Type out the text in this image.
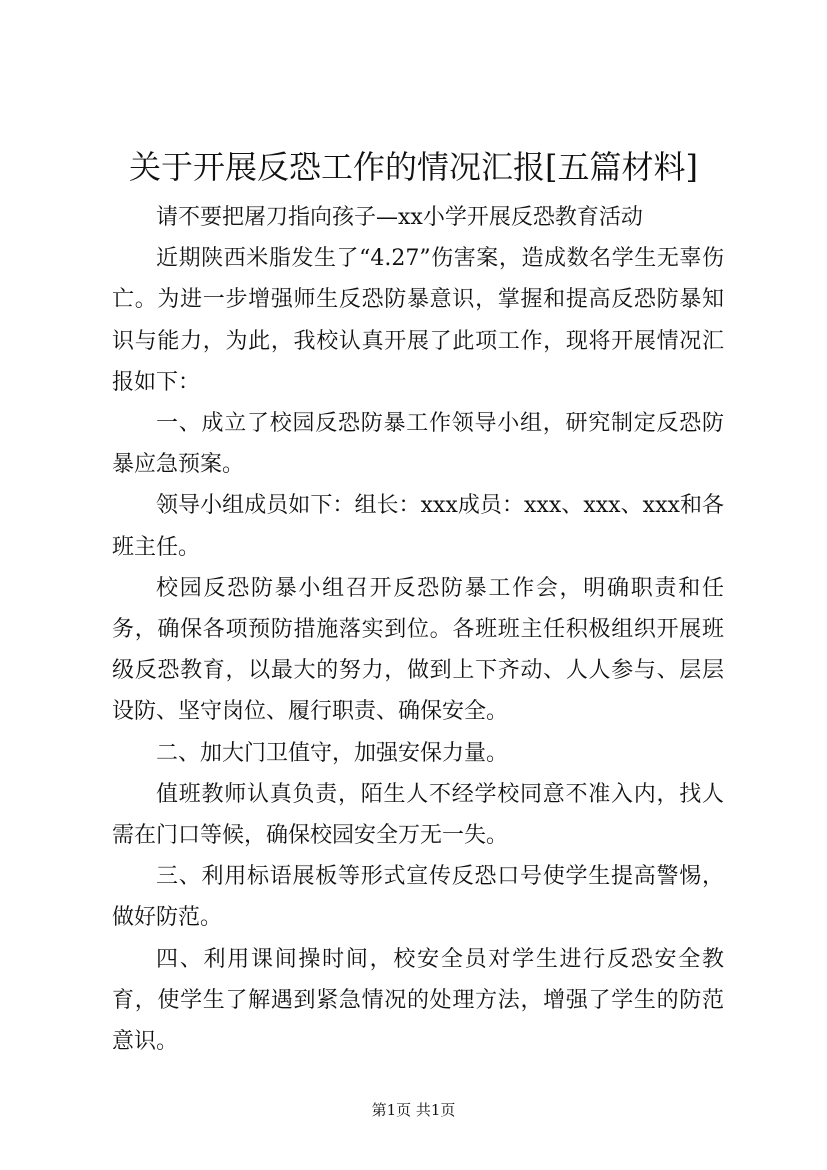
关于开展反恐工作的情况汇报[五篇材料]

请不要把屠刀指向孩子—xx小学开展反恐教育活动

近期陕西米脂发生了“4.27”伤害案，造成数名学生无辜伤亡。为进一步增强师生反恐防暴意识，掌握和提高反恐防暴知识与能力，为此，我校认真开展了此项工作，现将开展情况汇报如下：

一、成立了校园反恐防暴工作领导小组，研究制定反恐防暴应急预案。

领导小组成员如下：组长：xxx成员：xxx、xxx、xxx和各班主任。

校园反恐防暴小组召开反恐防暴工作会，明确职责和任务，确保各项预防措施落实到位。各班班主任积极组织开展班级反恐教育，以最大的努力，做到上下齐动、人人参与、层层设防、坚守岗位、履行职责、确保安全。

二、加大门卫值守，加强安保力量。

值班教师认真负责，陌生人不经学校同意不准入内，找人需在门口等候，确保校园安全万无一失。

三、利用标语展板等形式宣传反恐口号使学生提高警惕，做好防范。

四、利用课间操时间，校安全员对学生进行反恐安全教育，使学生了解遇到紧急情况的处理方法，增强了学生的防范意识。

第1页 共1页
